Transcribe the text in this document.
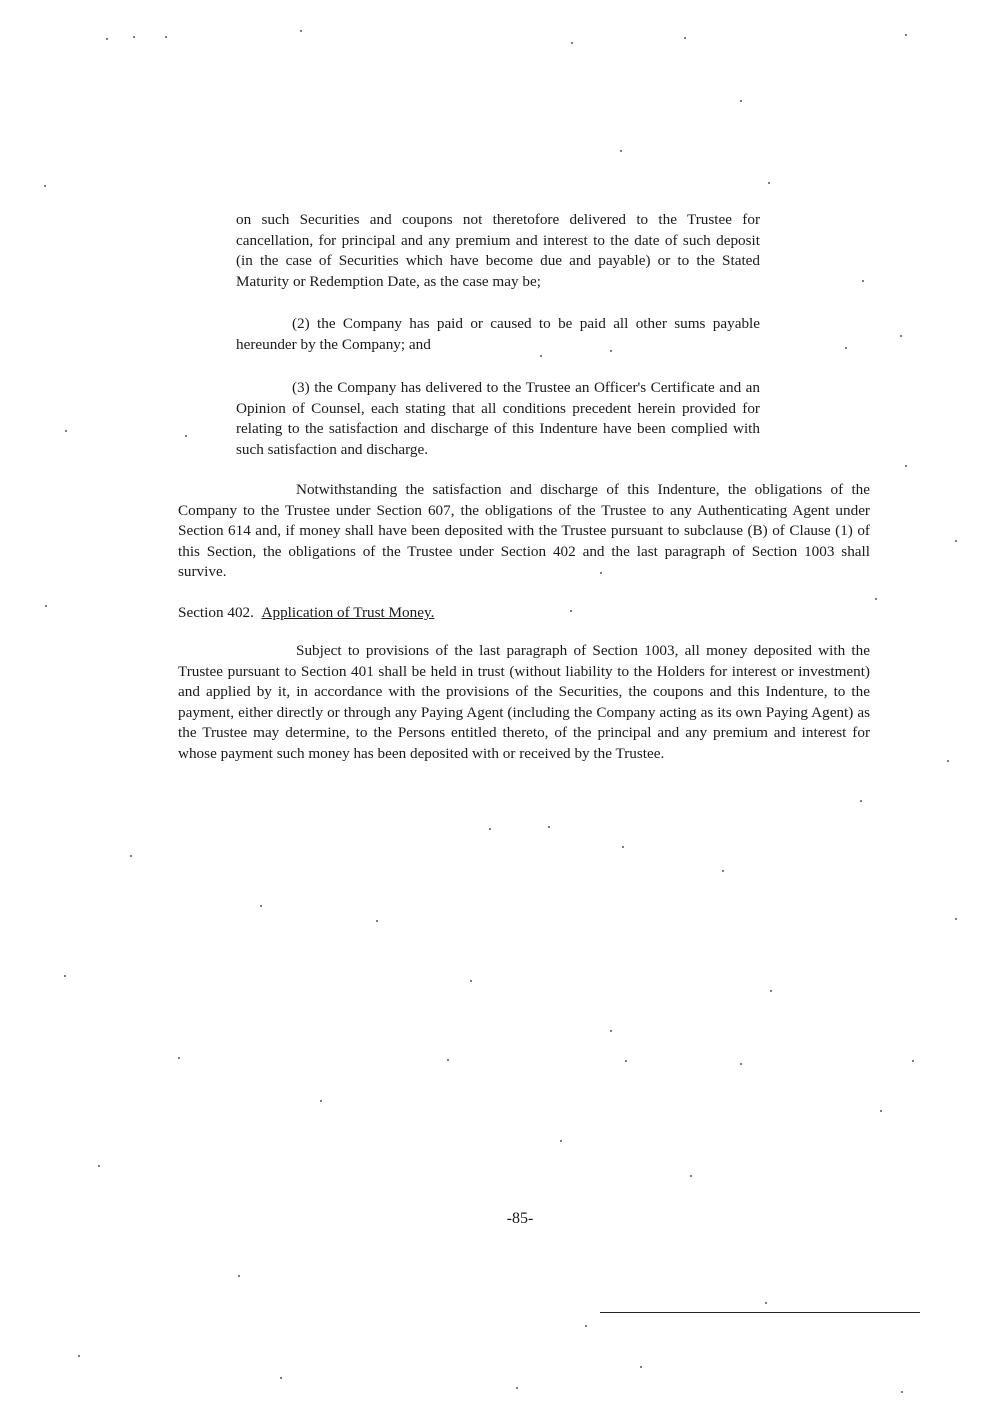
on such Securities and coupons not theretofore delivered to the Trustee for cancellation, for principal and any premium and interest to the date of such deposit (in the case of Securities which have become due and payable) or to the Stated Maturity or Redemption Date, as the case may be;

(2) the Company has paid or caused to be paid all other sums payable hereunder by the Company; and

(3) the Company has delivered to the Trustee an Officer's Certificate and an Opinion of Counsel, each stating that all conditions precedent herein provided for relating to the satisfaction and discharge of this Indenture have been complied with such satisfaction and discharge.

Notwithstanding the satisfaction and discharge of this Indenture, the obligations of the Company to the Trustee under Section 607, the obligations of the Trustee to any Authenticating Agent under Section 614 and, if money shall have been deposited with the Trustee pursuant to subclause (B) of Clause (1) of this Section, the obligations of the Trustee under Section 402 and the last paragraph of Section 1003 shall survive.

Section 402. Application of Trust Money.

Subject to provisions of the last paragraph of Section 1003, all money deposited with the Trustee pursuant to Section 401 shall be held in trust (without liability to the Holders for interest or investment) and applied by it, in accordance with the provisions of the Securities, the coupons and this Indenture, to the payment, either directly or through any Paying Agent (including the Company acting as its own Paying Agent) as the Trustee may determine, to the Persons entitled thereto, of the principal and any premium and interest for whose payment such money has been deposited with or received by the Trustee.

-85-
